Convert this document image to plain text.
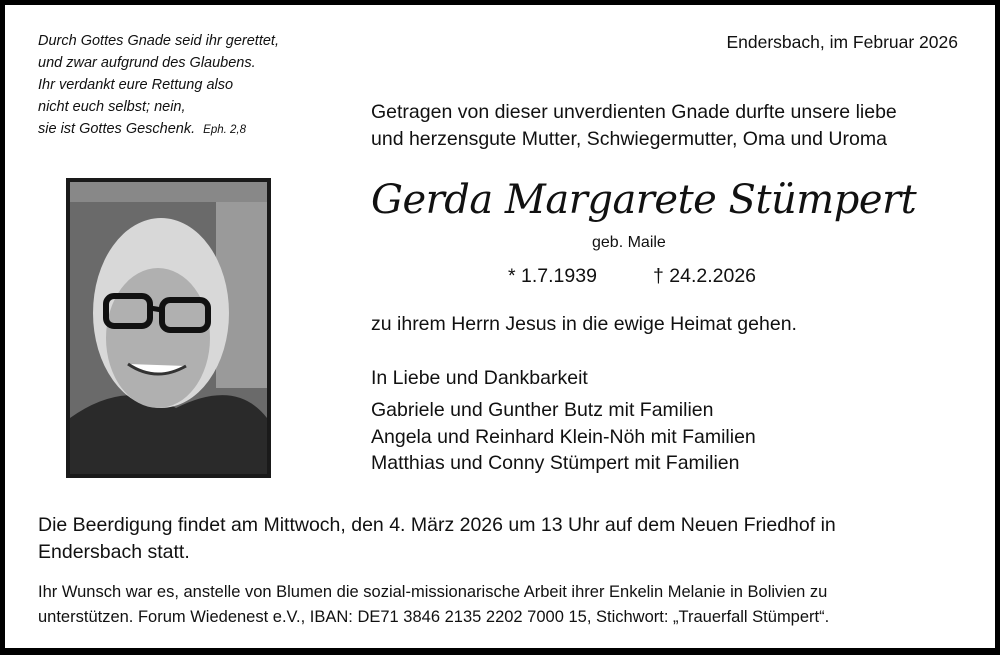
Durch Gottes Gnade seid ihr gerettet,
und zwar aufgrund des Glaubens.
Ihr verdankt eure Rettung also
nicht euch selbst; nein,
sie ist Gottes Geschenk. Eph. 2,8
Endersbach, im Februar 2026
Getragen von dieser unverdienten Gnade durfte unsere liebe
und herzensgute Mutter, Schwiegermutter, Oma und Uroma
Gerda Margarete Stümpert
geb. Maile
* 1.7.1939	† 24.2.2026
zu ihrem Herrn Jesus in die ewige Heimat gehen.
In Liebe und Dankbarkeit
Gabriele und Gunther Butz mit Familien
Angela und Reinhard Klein-Nöh mit Familien
Matthias und Conny Stümpert mit Familien
Die Beerdigung findet am Mittwoch, den 4. März 2026 um 13 Uhr auf dem Neuen Friedhof in
Endersbach statt.
Ihr Wunsch war es, anstelle von Blumen die sozial-missionarische Arbeit ihrer Enkelin Melanie in Bolivien zu
unterstützen. Forum Wiedenest e.V., IBAN: DE71 3846 2135 2202 7000 15, Stichwort: „Trauerfall Stümpert“.
